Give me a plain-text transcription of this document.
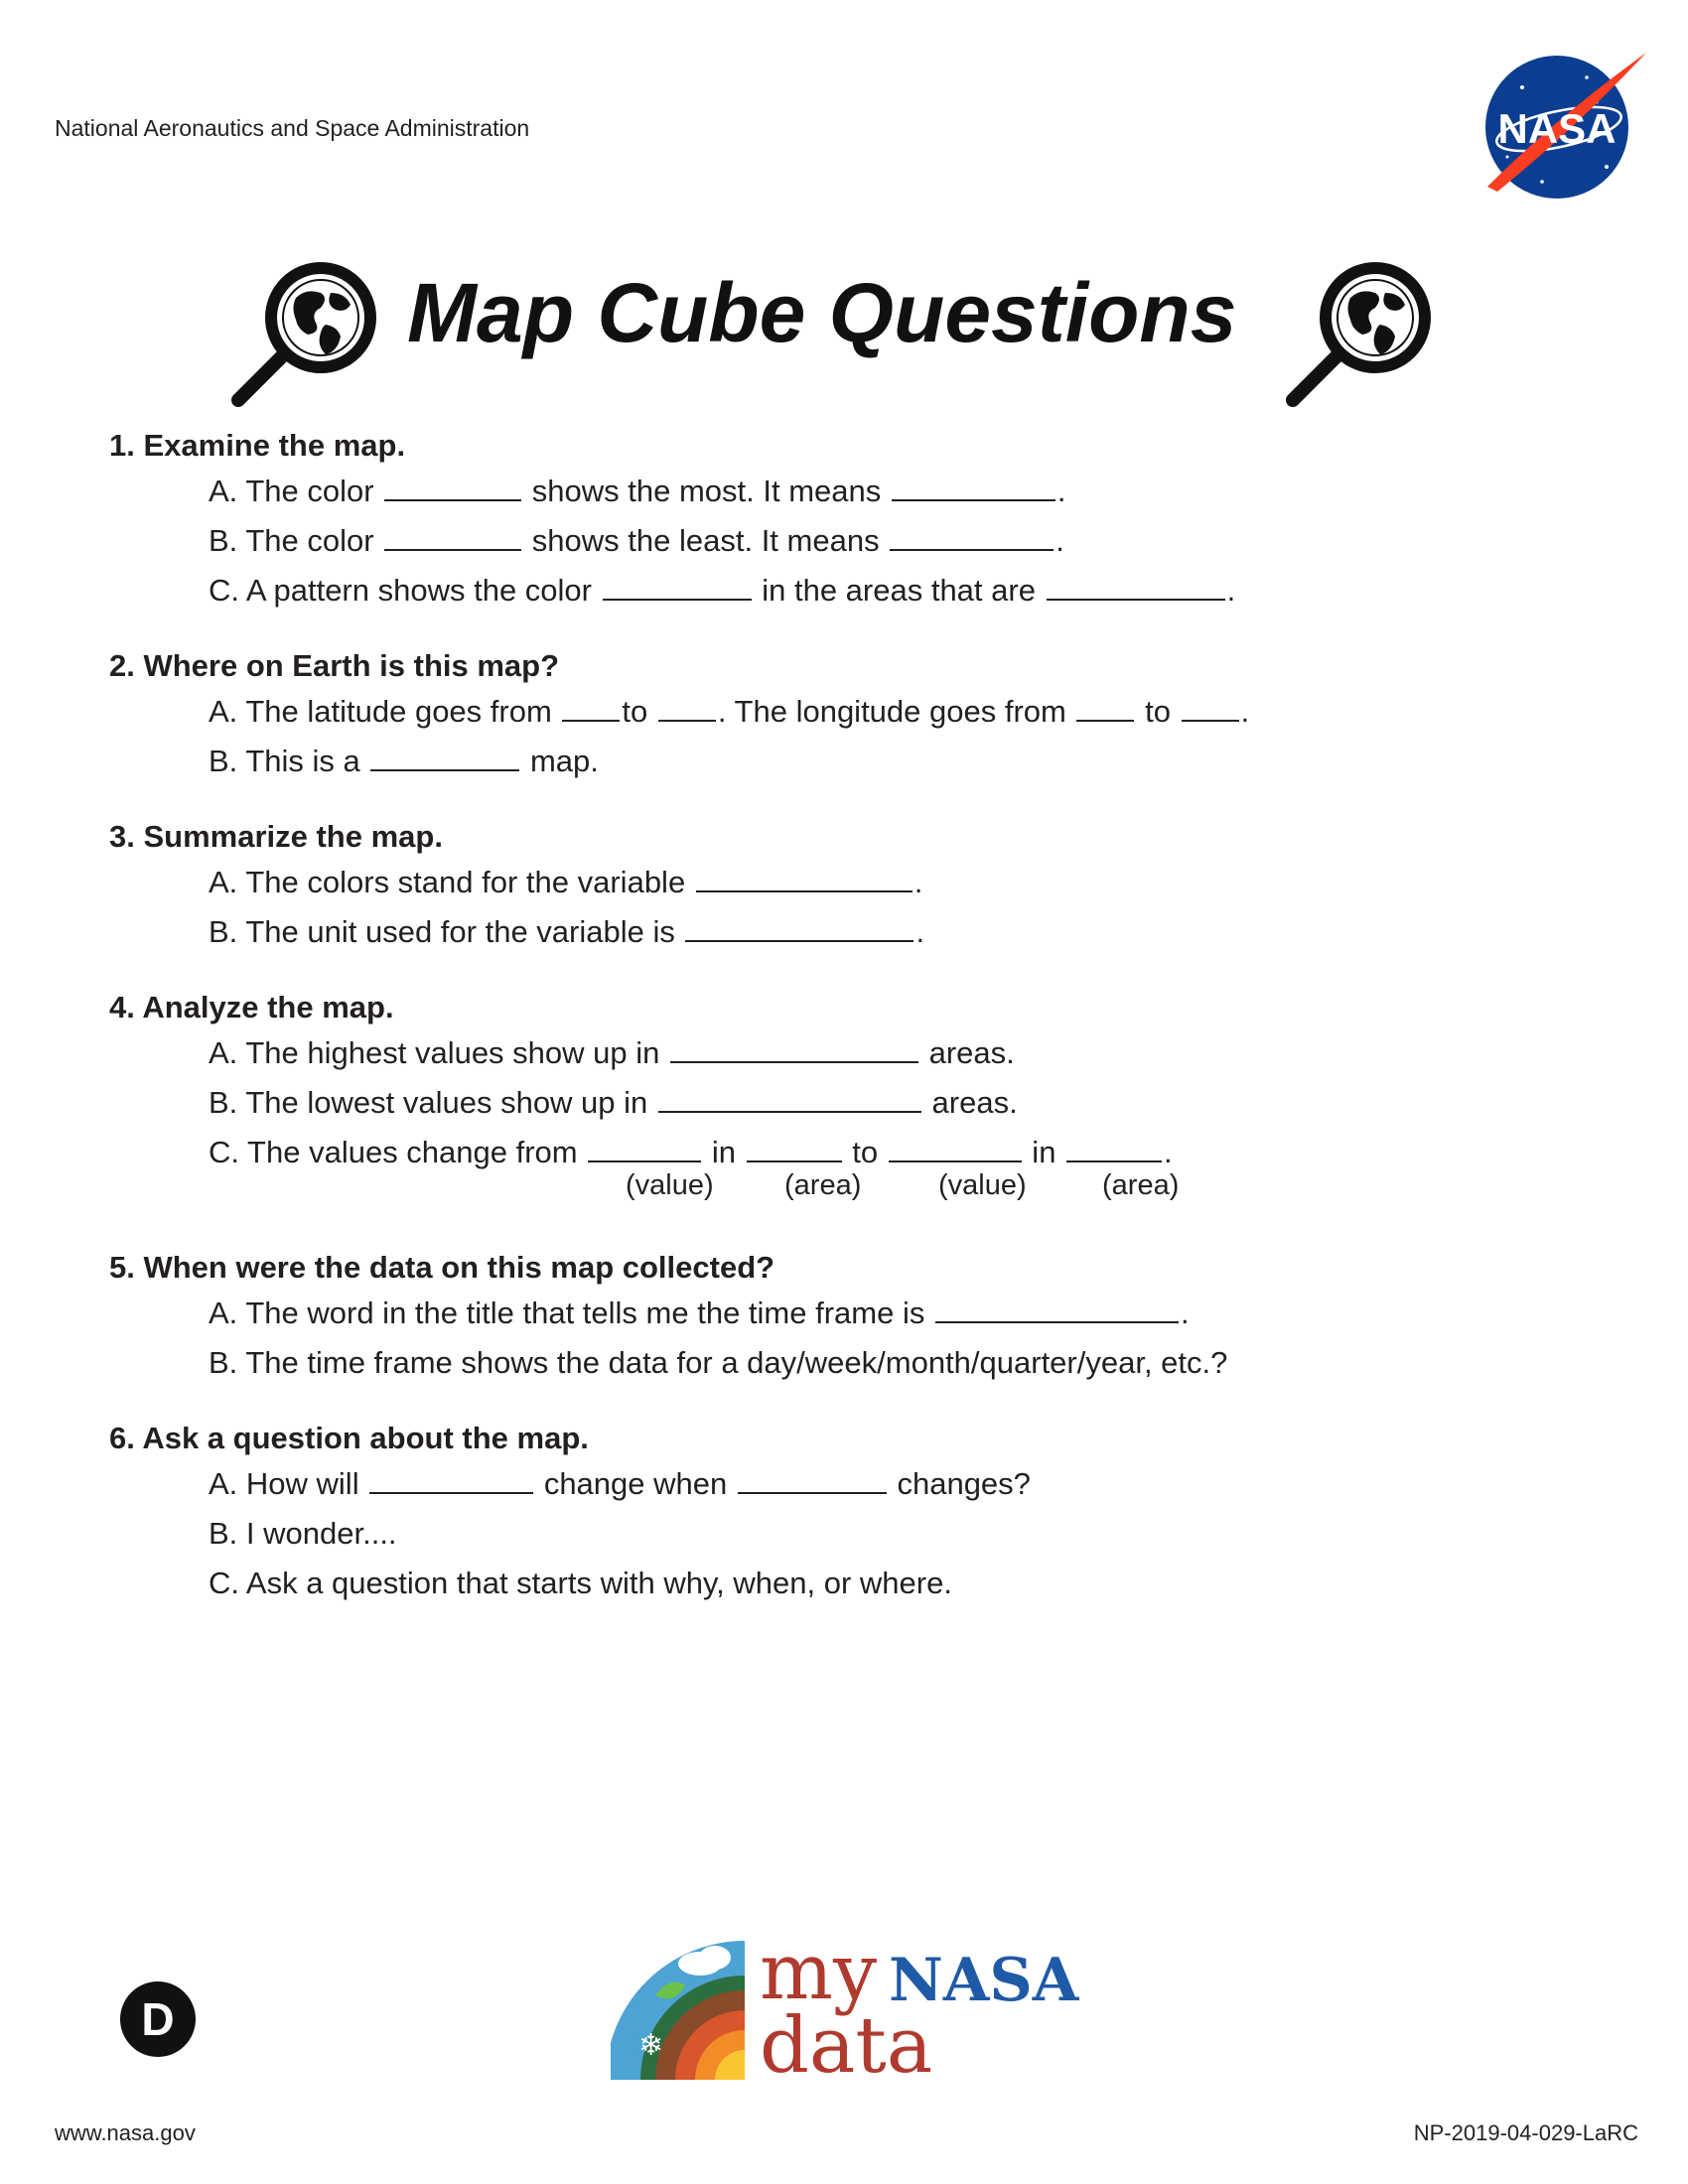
National Aeronautics and Space Administration	NASA
Map Cube Questions
1. Examine the map.
A. The color	shows the most. It means	.
B. The color	shows the least. It means	.
C. A pattern shows the color	in the areas that are	.
2. Where on Earth is this map?
A. The latitude goes from to . The longitude goes from  to .
B. This is a	map.
3. Summarize the map.
A. The colors stand for the variable	.
B. The unit used for the variable is	.
4. Analyze the map.
A. The highest values show up in	areas.
B. The lowest values show up in	areas.
C. The values change from	in	to	in	.
(value) (area)	(value)	(area)
5. When were the data on this map collected?
A. The word in the title that tells me the time frame is	.
B. The time frame shows the data for a day/week/month/quarter/year, etc.?
6. Ask a question about the map.
A. How will	change when	changes?
B. I wonder....
C. Ask a question that starts with why, when, or where.
D
❄
my NASA
data
www.nasa.gov	NP-2019-04-029-LaRC
